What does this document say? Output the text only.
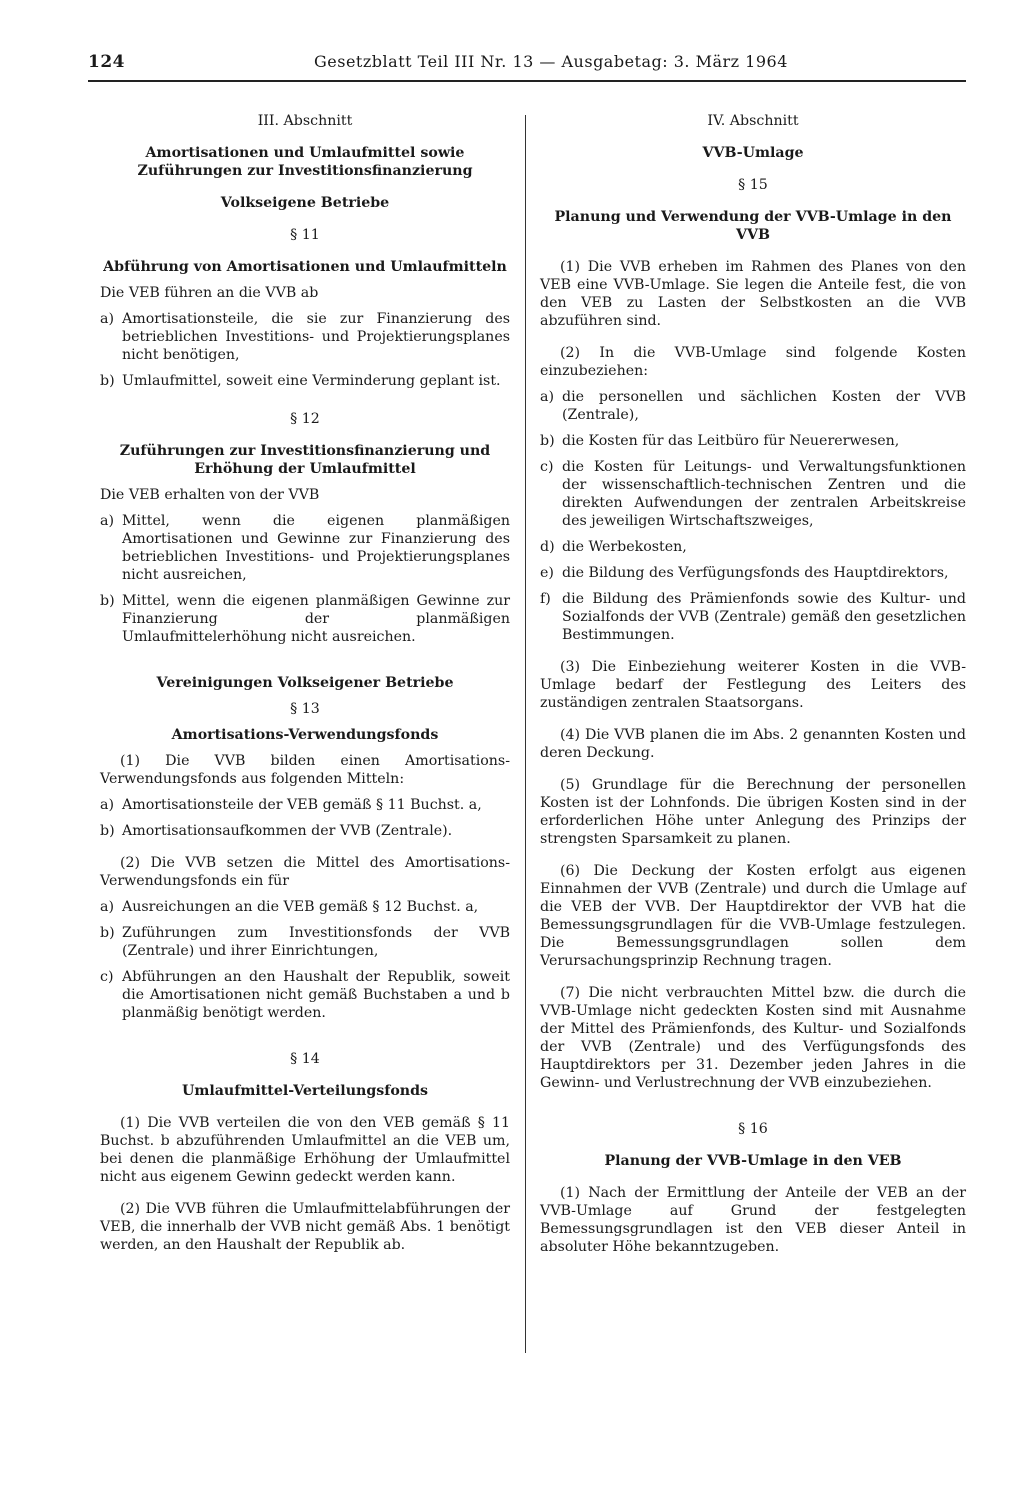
124	Gesetzblatt Teil III Nr. 13 — Ausgabetag: 3. März 1964

III. Abschnitt

Amortisationen und Umlaufmittel sowie Zuführungen zur Investitionsfinanzierung

Volkseigene Betriebe

§ 11

Abführung von Amortisationen und Umlaufmitteln

Die VEB führen an die VVB ab

a) Amortisationsteile, die sie zur Finanzierung des betrieblichen Investitions- und Projektierungsplanes nicht benötigen,
b) Umlaufmittel, soweit eine Verminderung geplant ist.

§ 12

Zuführungen zur Investitionsfinanzierung und Erhöhung der Umlaufmittel

Die VEB erhalten von der VVB

a) Mittel, wenn die eigenen planmäßigen Amortisationen und Gewinne zur Finanzierung des betrieblichen Investitions- und Projektierungsplanes nicht ausreichen,
b) Mittel, wenn die eigenen planmäßigen Gewinne zur Finanzierung der planmäßigen Umlaufmittelerhöhung nicht ausreichen.

Vereinigungen Volkseigener Betriebe

§ 13

Amortisations-Verwendungsfonds

(1) Die VVB bilden einen Amortisations-Verwendungsfonds aus folgenden Mitteln:

a) Amortisationsteile der VEB gemäß § 11 Buchst. a,
b) Amortisationsaufkommen der VVB (Zentrale).

(2) Die VVB setzen die Mittel des Amortisations-Verwendungsfonds ein für

a) Ausreichungen an die VEB gemäß § 12 Buchst. a,
b) Zuführungen zum Investitionsfonds der VVB (Zentrale) und ihrer Einrichtungen,
c) Abführungen an den Haushalt der Republik, soweit die Amortisationen nicht gemäß Buchstaben a und b planmäßig benötigt werden.

§ 14

Umlaufmittel-Verteilungsfonds

(1) Die VVB verteilen die von den VEB gemäß § 11 Buchst. b abzuführenden Umlaufmittel an die VEB um, bei denen die planmäßige Erhöhung der Umlaufmittel nicht aus eigenem Gewinn gedeckt werden kann.

(2) Die VVB führen die Umlaufmittelabführungen der VEB, die innerhalb der VVB nicht gemäß Abs. 1 benötigt werden, an den Haushalt der Republik ab.

IV. Abschnitt

VVB-Umlage

§ 15

Planung und Verwendung der VVB-Umlage in den VVB

(1) Die VVB erheben im Rahmen des Planes von den VEB eine VVB-Umlage. Sie legen die Anteile fest, die von den VEB zu Lasten der Selbstkosten an die VVB abzuführen sind.

(2) In die VVB-Umlage sind folgende Kosten einzubeziehen:

a) die personellen und sächlichen Kosten der VVB (Zentrale),
b) die Kosten für das Leitbüro für Neuererwesen,
c) die Kosten für Leitungs- und Verwaltungsfunktionen der wissenschaftlich-technischen Zentren und die direkten Aufwendungen der zentralen Arbeitskreise des jeweiligen Wirtschaftszweiges,
d) die Werbekosten,
e) die Bildung des Verfügungsfonds des Hauptdirektors,
f) die Bildung des Prämienfonds sowie des Kultur- und Sozialfonds der VVB (Zentrale) gemäß den gesetzlichen Bestimmungen.

(3) Die Einbeziehung weiterer Kosten in die VVB-Umlage bedarf der Festlegung des Leiters des zuständigen zentralen Staatsorgans.

(4) Die VVB planen die im Abs. 2 genannten Kosten und deren Deckung.

(5) Grundlage für die Berechnung der personellen Kosten ist der Lohnfonds. Die übrigen Kosten sind in der erforderlichen Höhe unter Anlegung des Prinzips der strengsten Sparsamkeit zu planen.

(6) Die Deckung der Kosten erfolgt aus eigenen Einnahmen der VVB (Zentrale) und durch die Umlage auf die VEB der VVB. Der Hauptdirektor der VVB hat die Bemessungsgrundlagen für die VVB-Umlage festzulegen. Die Bemessungsgrundlagen sollen dem Verursachungsprinzip Rechnung tragen.

(7) Die nicht verbrauchten Mittel bzw. die durch die VVB-Umlage nicht gedeckten Kosten sind mit Ausnahme der Mittel des Prämienfonds, des Kultur- und Sozialfonds der VVB (Zentrale) und des Verfügungsfonds des Hauptdirektors per 31. Dezember jeden Jahres in die Gewinn- und Verlustrechnung der VVB einzubeziehen.

§ 16

Planung der VVB-Umlage in den VEB

(1) Nach der Ermittlung der Anteile der VEB an der VVB-Umlage auf Grund der festgelegten Bemessungsgrundlagen ist den VEB dieser Anteil in absoluter Höhe bekanntzugeben.
